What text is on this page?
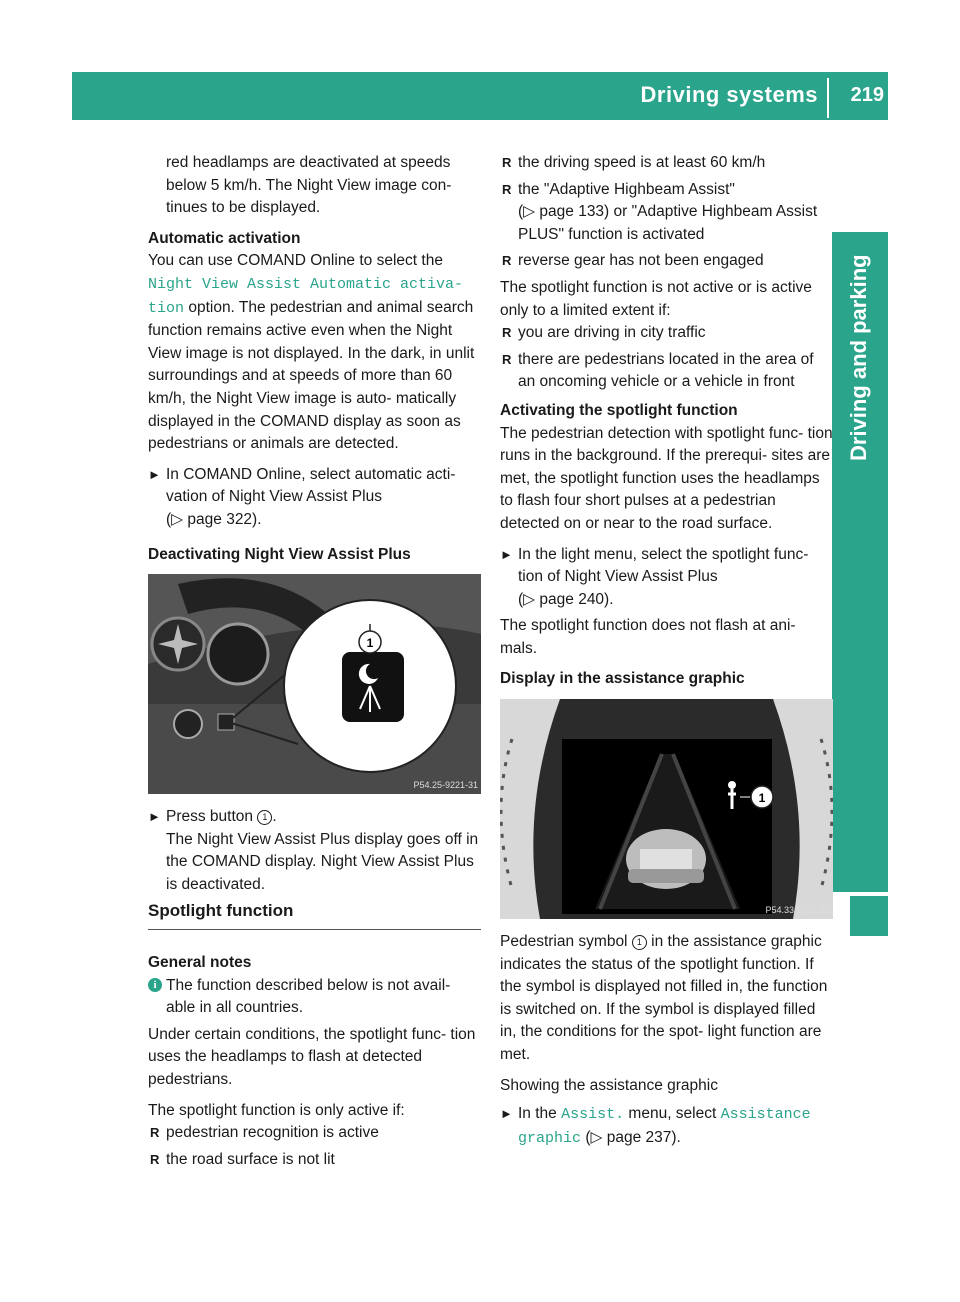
Driving systems 219
Driving and parking

red headlamps are deactivated at speeds below 5 km/h. The Night View image con- tinues to be displayed.

Automatic activation

You can use COMAND Online to select the
Night View Assist Automatic activa‐ tion option. The pedestrian and animal search function remains active even when the Night View image is not displayed. In the dark, in unlit surroundings and at speeds of more than 60 km/h, the Night View image is auto- matically displayed in the COMAND display as soon as pedestrians or animals are detected.

► In COMAND Online, select automatic acti- vation of Night View Assist Plus
(▷ page 322).

Deactivating Night View Assist Plus

1
P54.25-9221-31
► Press button 1 .
The Night View Assist Plus display goes off in the COMAND display. Night View Assist Plus is deactivated.

Spotlight function

General notes

i The function described below is not avail- able in all countries.

Under certain conditions, the spotlight func- tion uses the headlamps to flash at detected pedestrians.

The spotlight function is only active if:

R pedestrian recognition is active
R the road surface is not lit
R the driving speed is at least 60 km/h
R the "Adaptive Highbeam Assist"
(▷ page 133) or "Adaptive Highbeam Assist PLUS" function is activated
R reverse gear has not been engaged

The spotlight function is not active or is active only to a limited extent if:

R you are driving in city traffic
R there are pedestrians located in the area of an oncoming vehicle or a vehicle in front

Activating the spotlight function

The pedestrian detection with spotlight func- tion runs in the background. If the prerequi- sites are met, the spotlight function uses the headlamps to flash four short pulses at a pedestrian detected on or near to the road surface.

► In the light menu, select the spotlight func- tion of Night View Assist Plus
(▷ page 240).

The spotlight function does not flash at ani- mals.

Display in the assistance graphic

1
P54.33-2702-31

Pedestrian symbol 1 in the assistance graphic indicates the status of the spotlight function. If the symbol is displayed not filled in, the function is switched on. If the symbol is displayed filled in, the conditions for the spot- light function are met.

Showing the assistance graphic

► In the Assist. menu, select Assistance graphic (▷ page 237).
